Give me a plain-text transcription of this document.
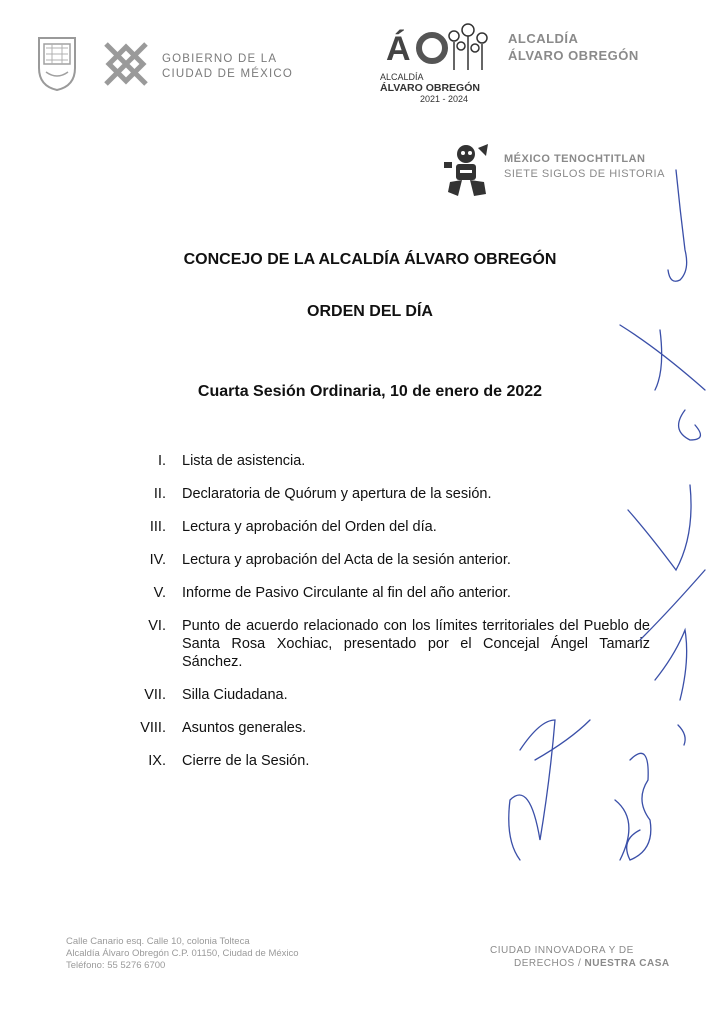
GOBIERNO DE LA
CIUDAD DE MÉXICO
Á
ALCALDÍA
ÁLVARO OBREGÓN
2021 - 2024
ALCALDÍA
ÁLVARO OBREGÓN
MÉXICO TENOCHTITLAN
SIETE SIGLOS DE HISTORIA
CONCEJO DE LA ALCALDÍA ÁLVARO OBREGÓN
ORDEN DEL DÍA
Cuarta Sesión Ordinaria, 10 de enero de 2022
I. Lista de asistencia.
II. Declaratoria de Quórum y apertura de la sesión.
III. Lectura y aprobación del Orden del día.
IV. Lectura y aprobación del Acta de la sesión anterior.
V. Informe de Pasivo Circulante al fin del año anterior.
VI. Punto de acuerdo relacionado con los límites territoriales del Pueblo de Santa Rosa Xochiac, presentado por el Concejal Ángel Tamariz Sánchez.
VII. Silla Ciudadana.
VIII. Asuntos generales.
IX. Cierre de la Sesión.
Calle Canario esq. Calle 10, colonia Tolteca
Alcaldía Álvaro Obregón C.P. 01150, Ciudad de México
Teléfono: 55 5276 6700
CIUDAD INNOVADORA Y DE
DERECHOS / NUESTRA CASA
